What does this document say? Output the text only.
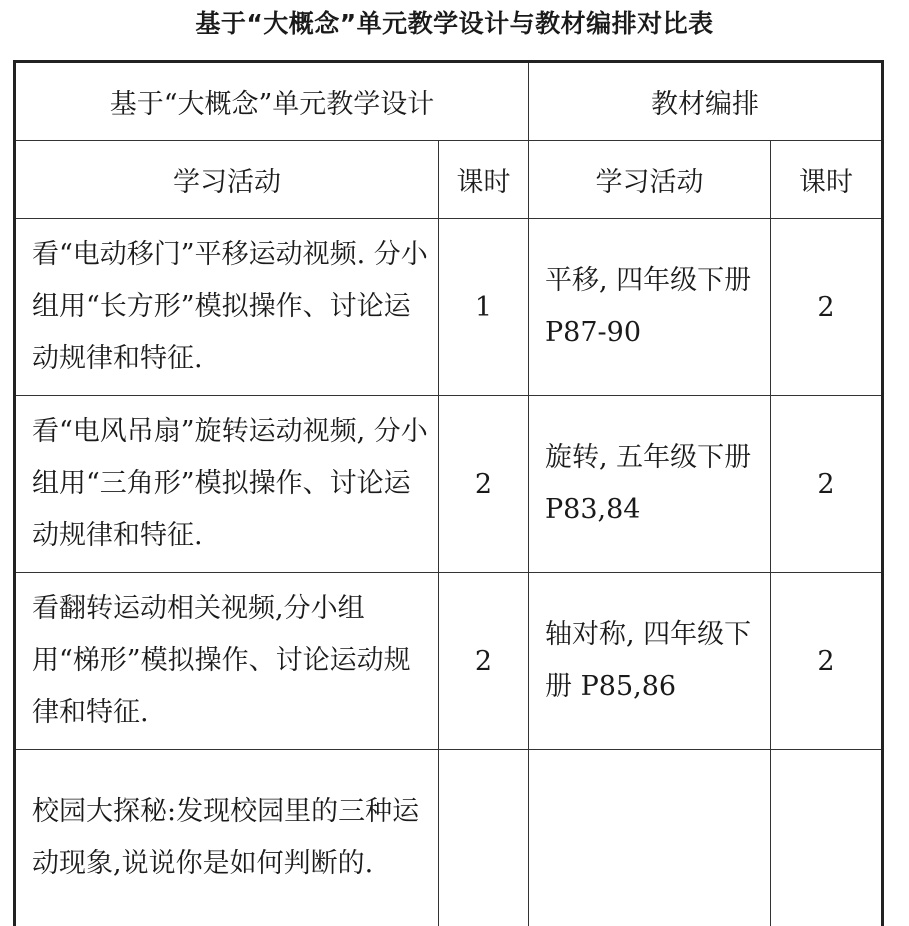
基于“大概念”单元教学设计与教材编排对比表
基于“大概念”单元教学设计		教材编排	
学习活动	课时	学习活动	课时
看“电动移门”平移运动视频. 分小组用“长方形”模拟操作、讨论运动规律和特征.	1	平移, 四年级下册 P87-90	2
看“电风吊扇”旋转运动视频, 分小组用“三角形”模拟操作、讨论运动规律和特征.	2	旋转, 五年级下册 P83,84	2
看翻转运动相关视频,分小组用“梯形”模拟操作、讨论运动规律和特征.	2	轴对称, 四年级下册 P85,86	2
校园大探秘:发现校园里的三种运动现象,说说你是如何判断的.			
